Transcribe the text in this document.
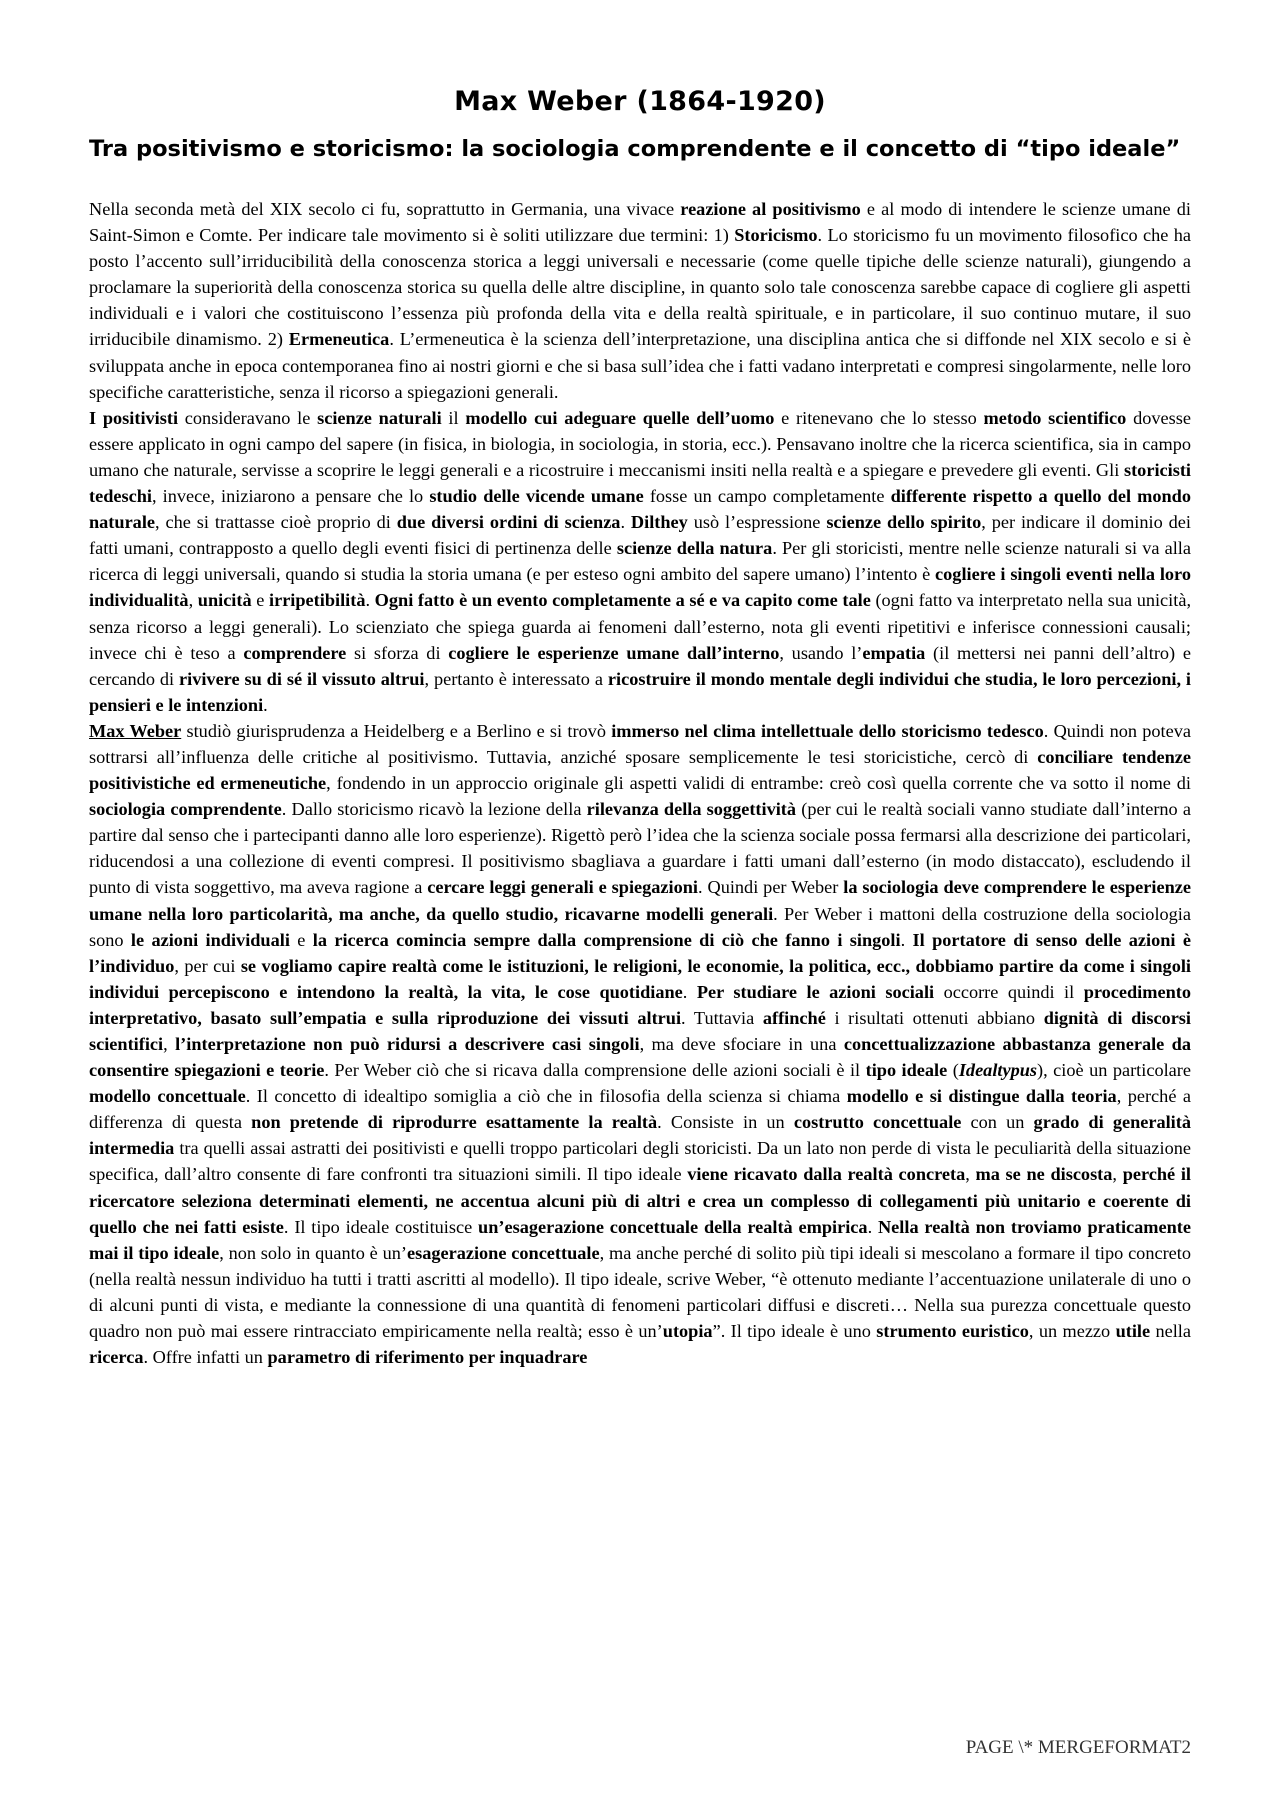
Max Weber (1864-1920)
Tra positivismo e storicismo: la sociologia comprendente e il concetto di “tipo ideale”

Nella seconda metà del XIX secolo ci fu, soprattutto in Germania, una vivace reazione al positivismo e al modo di intendere le scienze umane di Saint-Simon e Comte. Per indicare tale movimento si è soliti utilizzare due termini: 1) Storicismo. Lo storicismo fu un movimento filosofico che ha posto l’accento sull’irriducibilità della conoscenza storica a leggi universali e necessarie (come quelle tipiche delle scienze naturali), giungendo a proclamare la superiorità della conoscenza storica su quella delle altre discipline, in quanto solo tale conoscenza sarebbe capace di cogliere gli aspetti individuali e i valori che costituiscono l’essenza più profonda della vita e della realtà spirituale, e in particolare, il suo continuo mutare, il suo irriducibile dinamismo. 2) Ermeneutica. L’ermeneutica è la scienza dell’interpretazione, una disciplina antica che si diffonde nel XIX secolo e si è sviluppata anche in epoca contemporanea fino ai nostri giorni e che si basa sull’idea che i fatti vadano interpretati e compresi singolarmente, nelle loro specifiche caratteristiche, senza il ricorso a spiegazioni generali.

I positivisti consideravano le scienze naturali il modello cui adeguare quelle dell’uomo e ritenevano che lo stesso metodo scientifico dovesse essere applicato in ogni campo del sapere (in fisica, in biologia, in sociologia, in storia, ecc.). Pensavano inoltre che la ricerca scientifica, sia in campo umano che naturale, servisse a scoprire le leggi generali e a ricostruire i meccanismi insiti nella realtà e a spiegare e prevedere gli eventi. Gli storicisti tedeschi, invece, iniziarono a pensare che lo studio delle vicende umane fosse un campo completamente differente rispetto a quello del mondo naturale, che si trattasse cioè proprio di due diversi ordini di scienza. Dilthey usò l’espressione scienze dello spirito, per indicare il dominio dei fatti umani, contrapposto a quello degli eventi fisici di pertinenza delle scienze della natura. Per gli storicisti, mentre nelle scienze naturali si va alla ricerca di leggi universali, quando si studia la storia umana (e per esteso ogni ambito del sapere umano) l’intento è cogliere i singoli eventi nella loro individualità, unicità e irripetibilità. Ogni fatto è un evento completamente a sé e va capito come tale (ogni fatto va interpretato nella sua unicità, senza ricorso a leggi generali). Lo scienziato che spiega guarda ai fenomeni dall’esterno, nota gli eventi ripetitivi e inferisce connessioni causali; invece chi è teso a comprendere si sforza di cogliere le esperienze umane dall’interno, usando l’empatia (il mettersi nei panni dell’altro) e cercando di rivivere su di sé il vissuto altrui, pertanto è interessato a ricostruire il mondo mentale degli individui che studia, le loro percezioni, i pensieri e le intenzioni.

Max Weber studiò giurisprudenza a Heidelberg e a Berlino e si trovò immerso nel clima intellettuale dello storicismo tedesco. Quindi non poteva sottrarsi all’influenza delle critiche al positivismo. Tuttavia, anziché sposare semplicemente le tesi storicistiche, cercò di conciliare tendenze positivistiche ed ermeneutiche, fondendo in un approccio originale gli aspetti validi di entrambe: creò così quella corrente che va sotto il nome di sociologia comprendente. Dallo storicismo ricavò la lezione della rilevanza della soggettività (per cui le realtà sociali vanno studiate dall’interno a partire dal senso che i partecipanti danno alle loro esperienze). Rigettò però l’idea che la scienza sociale possa fermarsi alla descrizione dei particolari, riducendosi a una collezione di eventi compresi. Il positivismo sbagliava a guardare i fatti umani dall’esterno (in modo distaccato), escludendo il punto di vista soggettivo, ma aveva ragione a cercare leggi generali e spiegazioni. Quindi per Weber la sociologia deve comprendere le esperienze umane nella loro particolarità, ma anche, da quello studio, ricavarne modelli generali. Per Weber i mattoni della costruzione della sociologia sono le azioni individuali e la ricerca comincia sempre dalla comprensione di ciò che fanno i singoli. Il portatore di senso delle azioni è l’individuo, per cui se vogliamo capire realtà come le istituzioni, le religioni, le economie, la politica, ecc., dobbiamo partire da come i singoli individui percepiscono e intendono la realtà, la vita, le cose quotidiane. Per studiare le azioni sociali occorre quindi il procedimento interpretativo, basato sull’empatia e sulla riproduzione dei vissuti altrui. Tuttavia affinché i risultati ottenuti abbiano dignità di discorsi scientifici, l’interpretazione non può ridursi a descrivere casi singoli, ma deve sfociare in una concettualizzazione abbastanza generale da consentire spiegazioni e teorie. Per Weber ciò che si ricava dalla comprensione delle azioni sociali è il tipo ideale (Idealtypus), cioè un particolare modello concettuale. Il concetto di idealtipo somiglia a ciò che in filosofia della scienza si chiama modello e si distingue dalla teoria, perché a differenza di questa non pretende di riprodurre esattamente la realtà. Consiste in un costrutto concettuale con un grado di generalità intermedia tra quelli assai astratti dei positivisti e quelli troppo particolari degli storicisti. Da un lato non perde di vista le peculiarità della situazione specifica, dall’altro consente di fare confronti tra situazioni simili. Il tipo ideale viene ricavato dalla realtà concreta, ma se ne discosta, perché il ricercatore seleziona determinati elementi, ne accentua alcuni più di altri e crea un complesso di collegamenti più unitario e coerente di quello che nei fatti esiste. Il tipo ideale costituisce un’esagerazione concettuale della realtà empirica. Nella realtà non troviamo praticamente mai il tipo ideale, non solo in quanto è un’esagerazione concettuale, ma anche perché di solito più tipi ideali si mescolano a formare il tipo concreto (nella realtà nessun individuo ha tutti i tratti ascritti al modello). Il tipo ideale, scrive Weber, “è ottenuto mediante l’accentuazione unilaterale di uno o di alcuni punti di vista, e mediante la connessione di una quantità di fenomeni particolari diffusi e discreti… Nella sua purezza concettuale questo quadro non può mai essere rintracciato empiricamente nella realtà; esso è un’utopia”. Il tipo ideale è uno strumento euristico, un mezzo utile nella ricerca. Offre infatti un parametro di riferimento per inquadrare

PAGE \* MERGEFORMAT2
